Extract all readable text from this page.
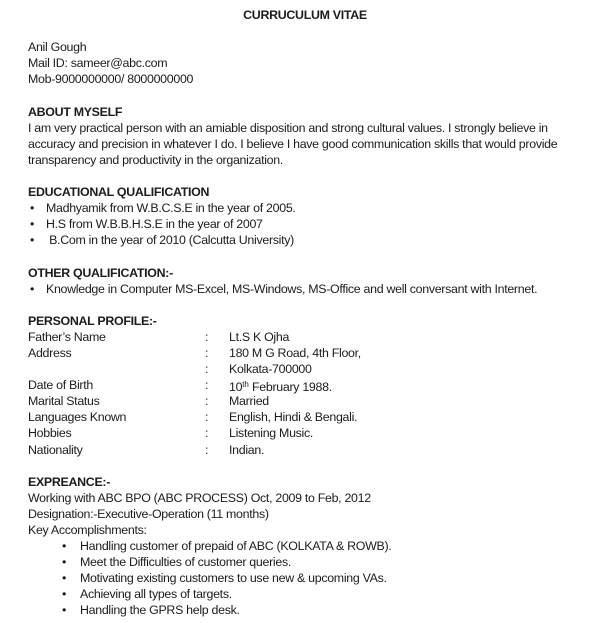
CURRUCULUM VITAE
Anil Gough
Mail ID: sameer@abc.com
Mob-9000000000/ 8000000000
ABOUT MYSELF
I am very practical person with an amiable disposition and strong cultural values. I strongly believe in
accuracy and precision in whatever I do. I believe I have good communication skills that would provide
transparency and productivity in the organization.
EDUCATIONAL QUALIFICATION
• Madhyamik from W.B.C.S.E in the year of 2005.
• H.S from W.B.B.H.S.E in the year of 2007
• B.Com in the year of 2010 (Calcutta University)
OTHER QUALIFICATION:-
• Knowledge in Computer MS-Excel, MS-Windows, MS-Office and well conversant with Internet.
PERSONAL PROFILE:-
Father’s Name	:	Lt.S K Ojha
Address	:	180 M G Road, 4th Floor,
:	Kolkata-700000
Date of Birth	:	10th February 1988.
Marital Status	:	Married
Languages Known	:	English, Hindi & Bengali.
Hobbies	:	Listening Music.
Nationality	:	Indian.
EXPREANCE:-
Working with ABC BPO (ABC PROCESS) Oct, 2009 to Feb, 2012
Designation:-Executive-Operation (11 months)
Key Accomplishments:
•	Handling customer of prepaid of ABC (KOLKATA & ROWB).
•	Meet the Difficulties of customer queries.
•	Motivating existing customers to use new & upcoming VAs.
•	Achieving all types of targets.
•	Handling the GPRS help desk.
